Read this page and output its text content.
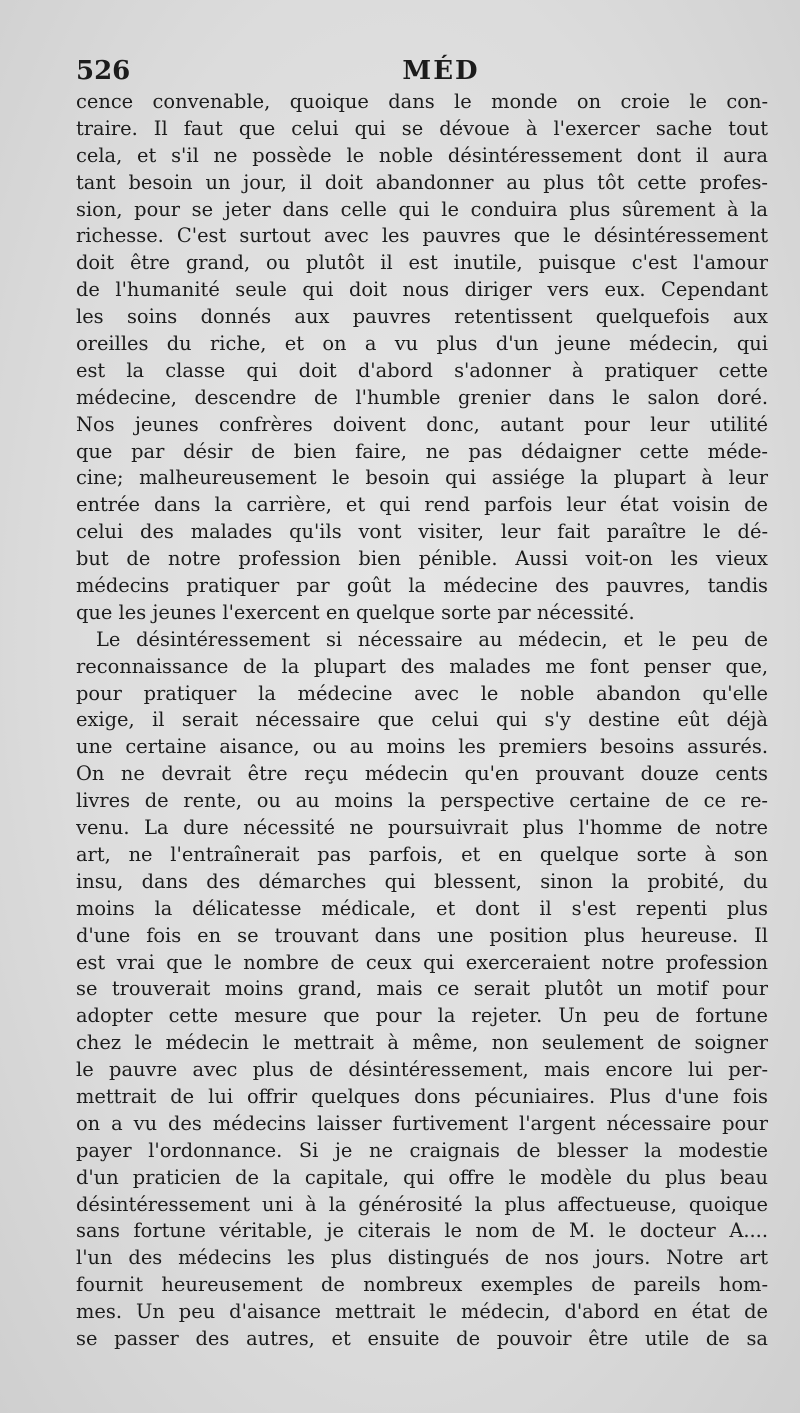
526	MÉD
cence convenable, quoique dans le monde on croie le con-
traire. Il faut que celui qui se dévoue à l'exercer sache tout
cela, et s'il ne possède le noble désintéressement dont il aura
tant besoin un jour, il doit abandonner au plus tôt cette profes-
sion, pour se jeter dans celle qui le conduira plus sûrement à la
richesse. C'est surtout avec les pauvres que le désintéressement
doit être grand, ou plutôt il est inutile, puisque c'est l'amour
de l'humanité seule qui doit nous diriger vers eux. Cependant
les soins donnés aux pauvres retentissent quelquefois aux
oreilles du riche, et on a vu plus d'un jeune médecin, qui
est la classe qui doit d'abord s'adonner à pratiquer cette
médecine, descendre de l'humble grenier dans le salon doré.
Nos jeunes confrères doivent donc, autant pour leur utilité
que par désir de bien faire, ne pas dédaigner cette méde-
cine; malheureusement le besoin qui assiége la plupart à leur
entrée dans la carrière, et qui rend parfois leur état voisin de
celui des malades qu'ils vont visiter, leur fait paraître le dé-
but de notre profession bien pénible. Aussi voit-on les vieux
médecins pratiquer par goût la médecine des pauvres, tandis
que les jeunes l'exercent en quelque sorte par nécessité.
Le désintéressement si nécessaire au médecin, et le peu de
reconnaissance de la plupart des malades me font penser que,
pour pratiquer la médecine avec le noble abandon qu'elle
exige, il serait nécessaire que celui qui s'y destine eût déjà
une certaine aisance, ou au moins les premiers besoins assurés.
On ne devrait être reçu médecin qu'en prouvant douze cents
livres de rente, ou au moins la perspective certaine de ce re-
venu. La dure nécessité ne poursuivrait plus l'homme de notre
art, ne l'entraînerait pas parfois, et en quelque sorte à son
insu, dans des démarches qui blessent, sinon la probité, du
moins la délicatesse médicale, et dont il s'est repenti plus
d'une fois en se trouvant dans une position plus heureuse. Il
est vrai que le nombre de ceux qui exerceraient notre profession
se trouverait moins grand, mais ce serait plutôt un motif pour
adopter cette mesure que pour la rejeter. Un peu de fortune
chez le médecin le mettrait à même, non seulement de soigner
le pauvre avec plus de désintéressement, mais encore lui per-
mettrait de lui offrir quelques dons pécuniaires. Plus d'une fois
on a vu des médecins laisser furtivement l'argent nécessaire pour
payer l'ordonnance. Si je ne craignais de blesser la modestie
d'un praticien de la capitale, qui offre le modèle du plus beau
désintéressement uni à la générosité la plus affectueuse, quoique
sans fortune véritable, je citerais le nom de M. le docteur A....
l'un des médecins les plus distingués de nos jours. Notre art
fournit heureusement de nombreux exemples de pareils hom-
mes. Un peu d'aisance mettrait le médecin, d'abord en état de
se passer des autres, et ensuite de pouvoir être utile de sa
